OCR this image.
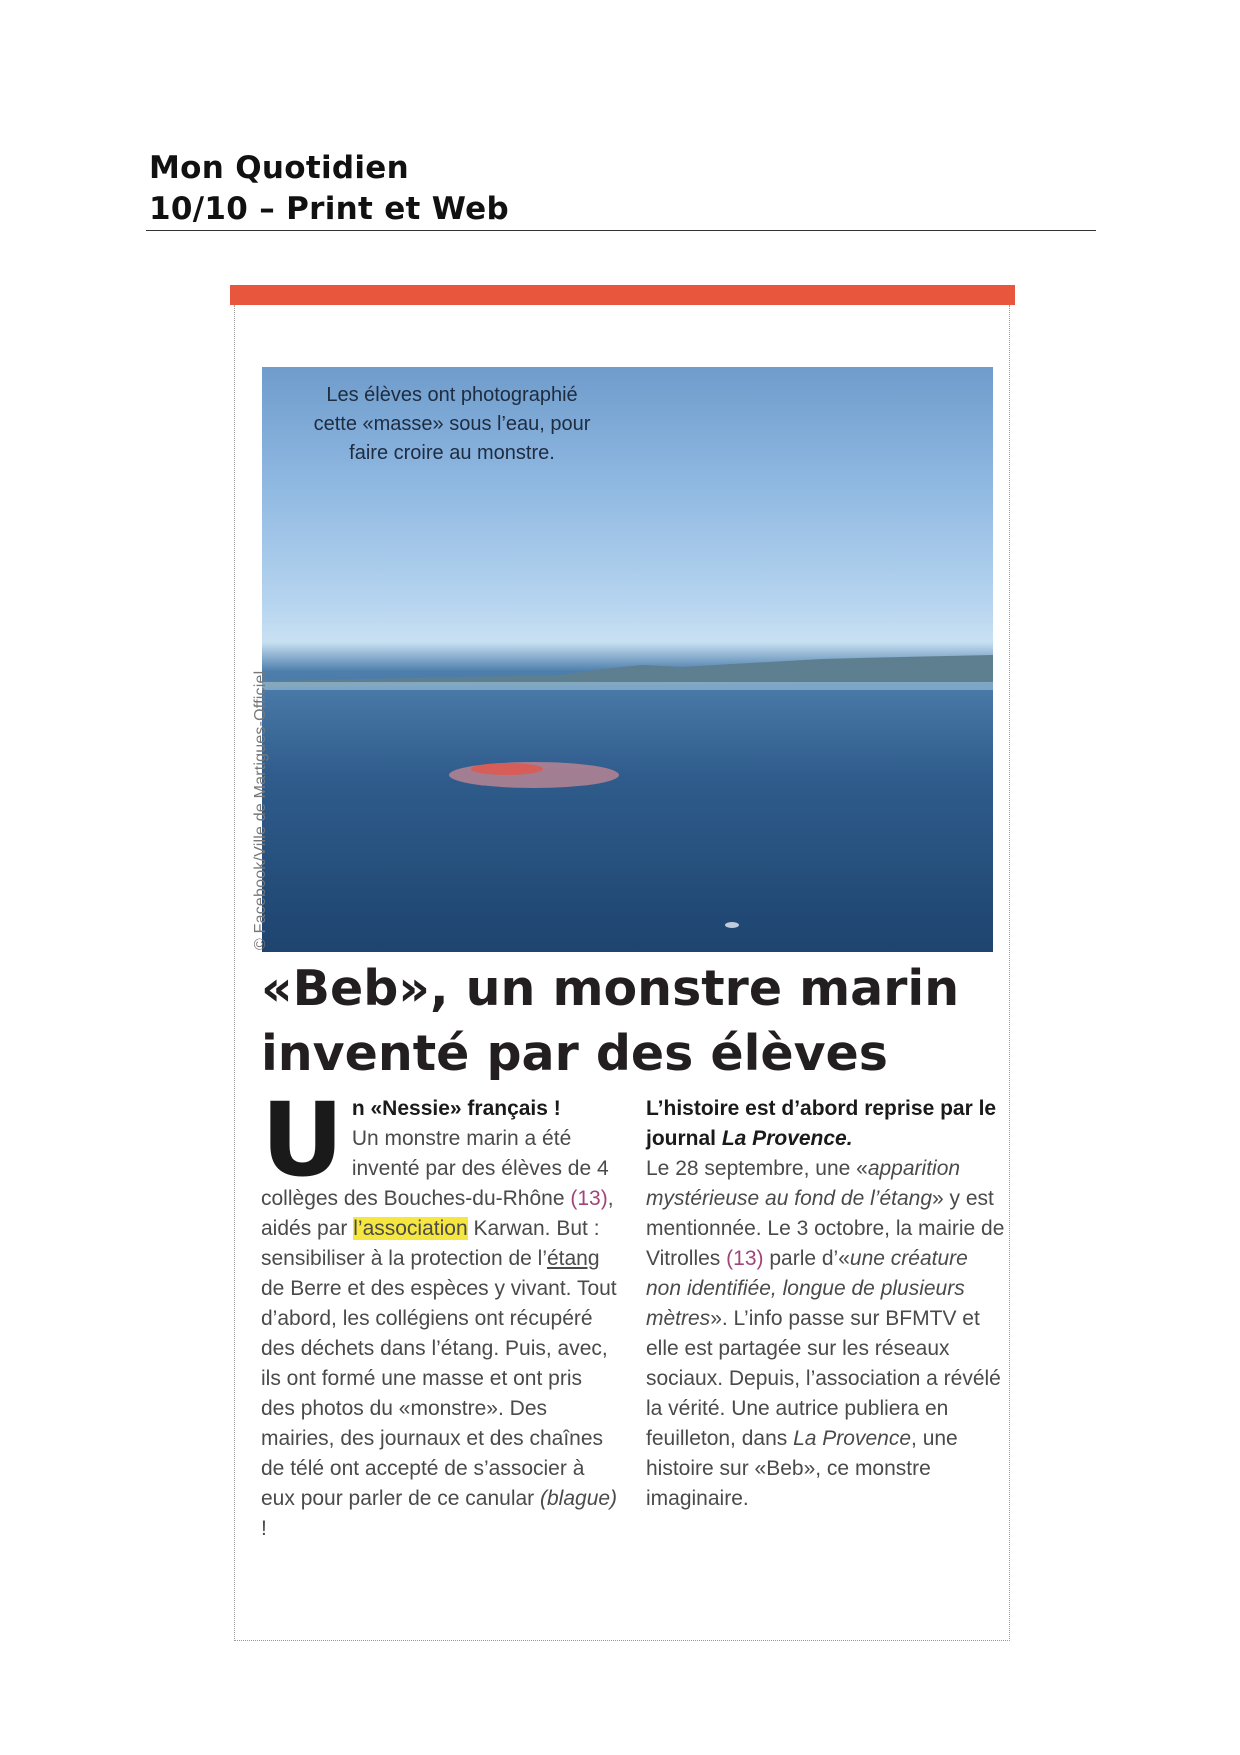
Mon Quotidien
10/10 – Print et Web
Les élèves ont photographié
cette «masse» sous l’eau, pour
faire croire au monstre.
© Facebook/Ville de Martigues-Officiel
«Beb», un monstre marin
inventé par des élèves
U n «Nessie» français !
Un monstre marin a été inventé par des élèves de 4 collèges des Bouches-du-Rhône (13), aidés par l’association Karwan. But : sensibiliser à la protection de l’étang de Berre et des espèces y vivant. Tout d’abord, les collégiens ont récupéré des déchets dans l’étang. Puis, avec, ils ont formé une masse et ont pris des photos du «monstre». Des mairies, des journaux et des chaînes de télé ont accepté de s’associer à eux pour parler de ce canular (blague) !
L’histoire est d’abord reprise par le journal La Provence.
Le 28 septembre, une «apparition mystérieuse au fond de l’étang» y est mentionnée. Le 3 octobre, la mairie de Vitrolles (13) parle d’«une créature non identifiée, longue de plusieurs mètres». L’info passe sur BFMTV et elle est partagée sur les réseaux sociaux. Depuis, l’association a révélé la vérité. Une autrice publiera en feuilleton, dans La Provence, une histoire sur «Beb», ce monstre imaginaire.
